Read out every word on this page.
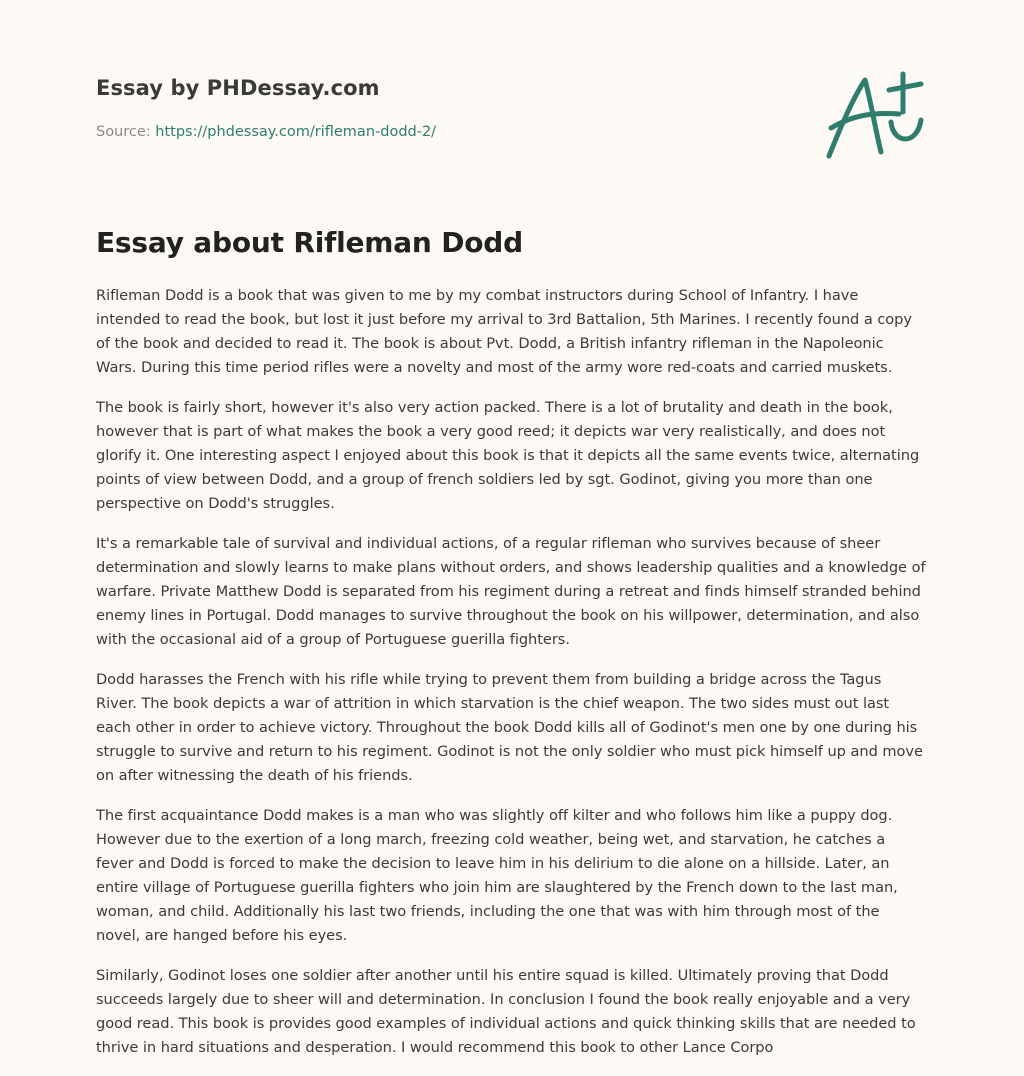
Essay by PHDessay.com
Source: https://phdessay.com/rifleman-dodd-2/
Essay about Rifleman Dodd

Rifleman Dodd is a book that was given to me by my combat instructors during School of Infantry. I have intended to read the book, but lost it just before my arrival to 3rd Battalion, 5th Marines. I recently found a copy of the book and decided to read it. The book is about Pvt. Dodd, a British infantry rifleman in the Napoleonic Wars. During this time period rifles were a novelty and most of the army wore red-coats and carried muskets.

The book is fairly short, however it's also very action packed. There is a lot of brutality and death in the book, however that is part of what makes the book a very good reed; it depicts war very realistically, and does not glorify it. One interesting aspect I enjoyed about this book is that it depicts all the same events twice, alternating points of view between Dodd, and a group of french soldiers led by sgt. Godinot, giving you more than one perspective on Dodd's struggles.

It's a remarkable tale of survival and individual actions, of a regular rifleman who survives because of sheer determination and slowly learns to make plans without orders, and shows leadership qualities and a knowledge of warfare. Private Matthew Dodd is separated from his regiment during a retreat and finds himself stranded behind enemy lines in Portugal. Dodd manages to survive throughout the book on his willpower, determination, and also with the occasional aid of a group of Portuguese guerilla fighters.

Dodd harasses the French with his rifle while trying to prevent them from building a bridge across the Tagus River. The book depicts a war of attrition in which starvation is the chief weapon. The two sides must out last each other in order to achieve victory. Throughout the book Dodd kills all of Godinot's men one by one during his struggle to survive and return to his regiment. Godinot is not the only soldier who must pick himself up and move on after witnessing the death of his friends.

The first acquaintance Dodd makes is a man who was slightly off kilter and who follows him like a puppy dog. However due to the exertion of a long march, freezing cold weather, being wet, and starvation, he catches a fever and Dodd is forced to make the decision to leave him in his delirium to die alone on a hillside. Later, an entire village of Portuguese guerilla fighters who join him are slaughtered by the French down to the last man, woman, and child. Additionally his last two friends, including the one that was with him through most of the novel, are hanged before his eyes.

Similarly, Godinot loses one soldier after another until his entire squad is killed. Ultimately proving that Dodd succeeds largely due to sheer will and determination. In conclusion I found the book really enjoyable and a very good read. This book is provides good examples of individual actions and quick thinking skills that are needed to thrive in hard situations and desperation. I would recommend this book to other Lance Corpo
